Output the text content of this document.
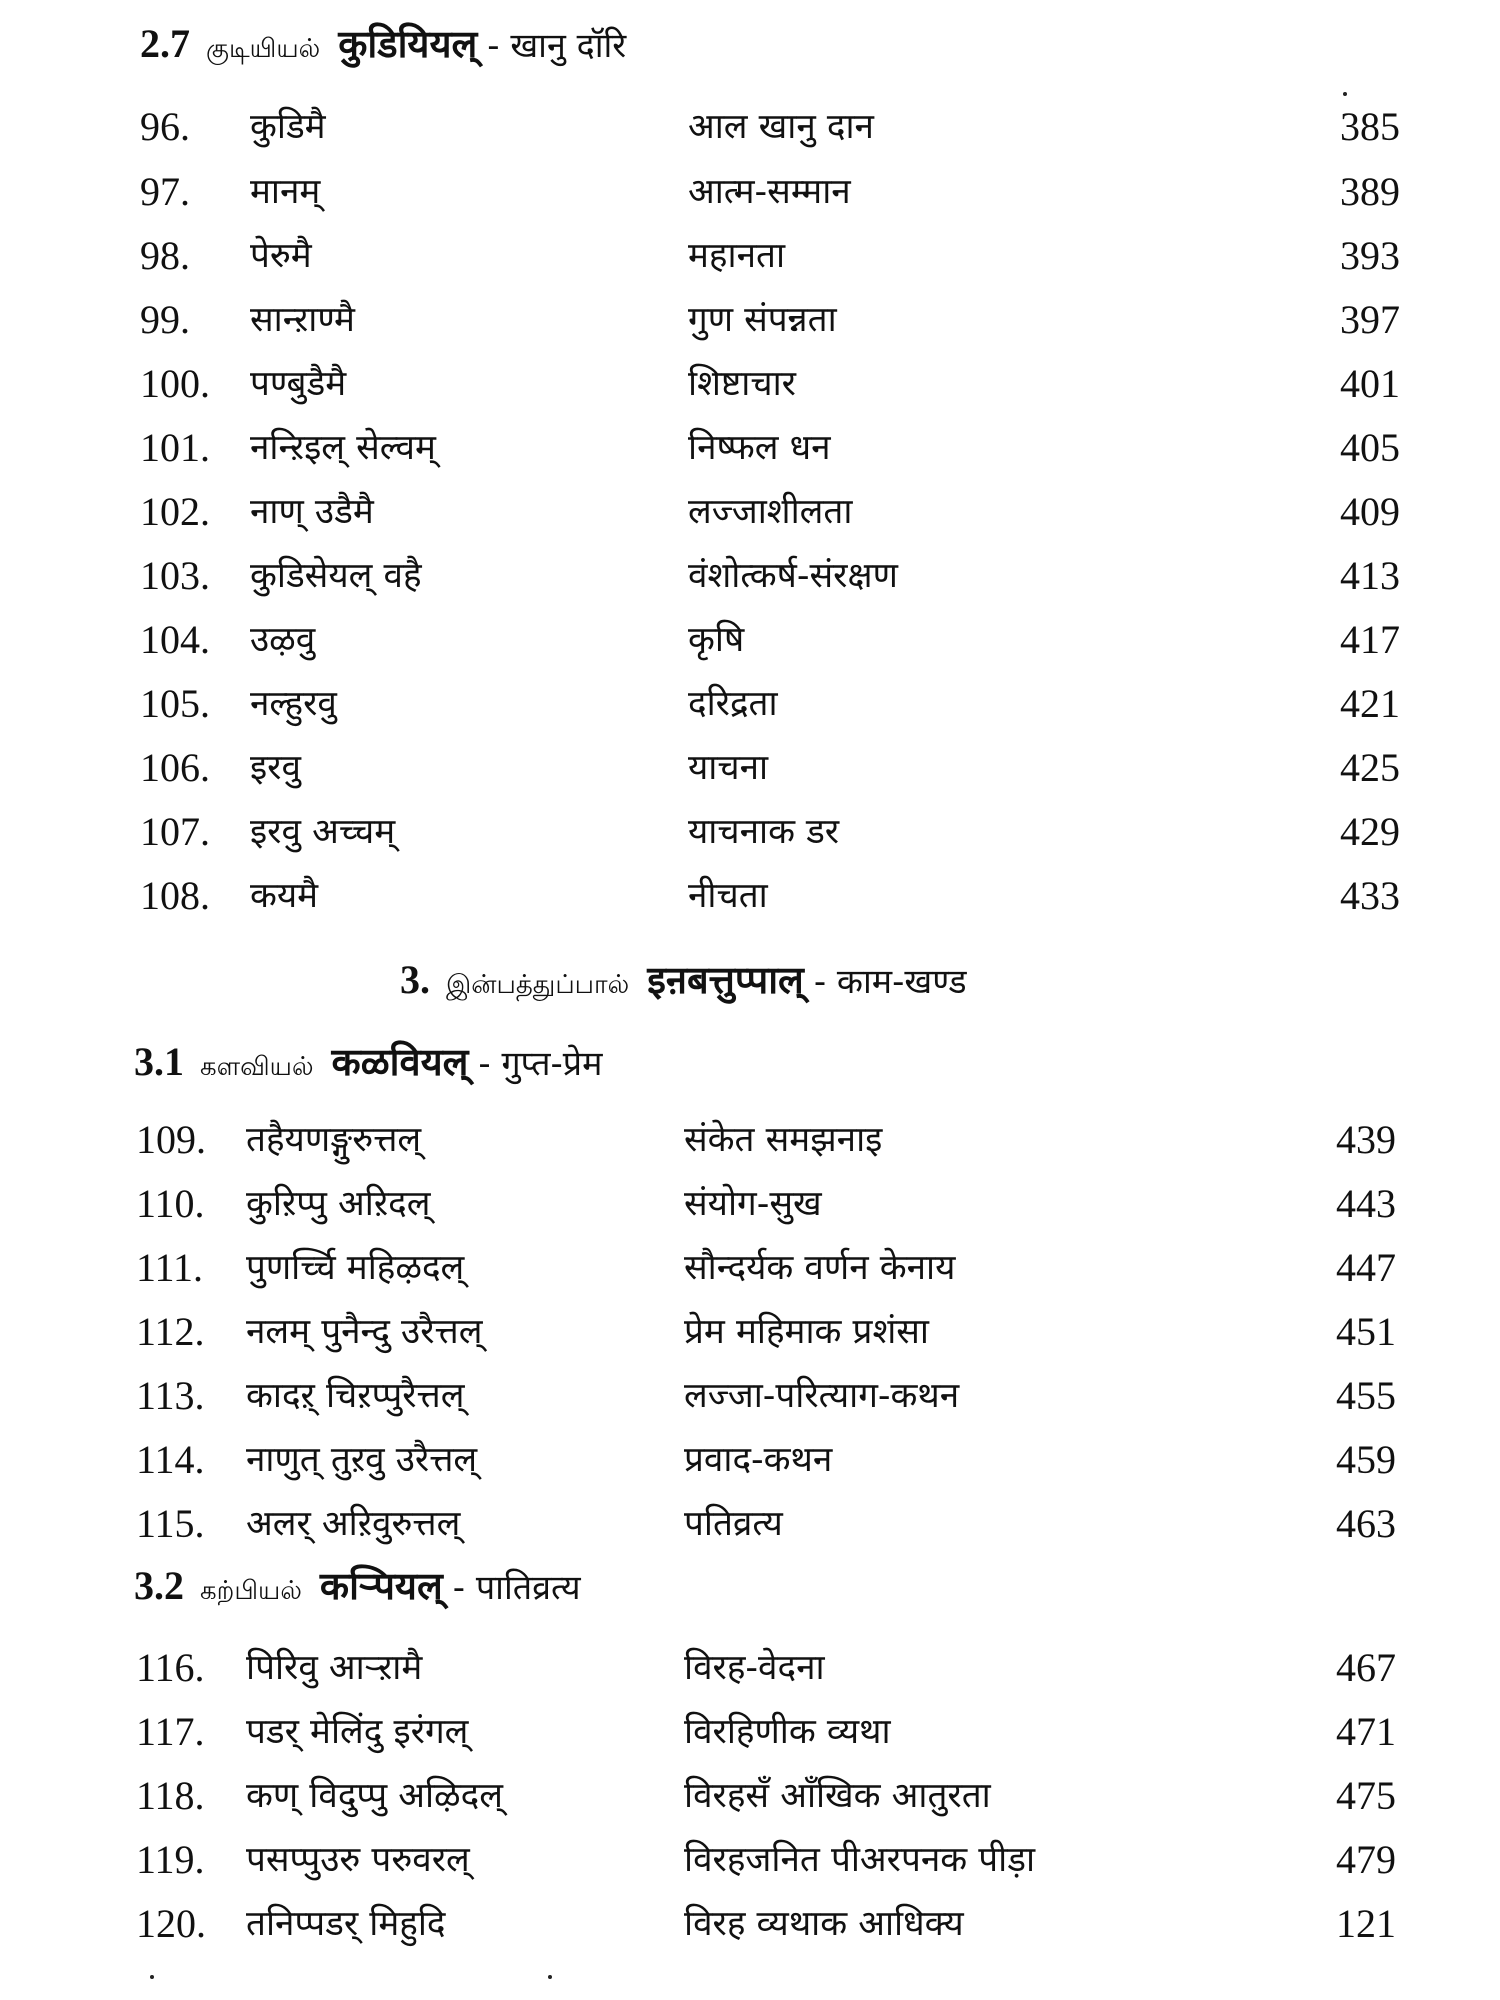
2.7 குடியியல் कुडियियल् - खानु दॉरि
96. कुडिमै	आल खानु दान	385
97. मानम्	आत्म-सम्मान	389
98. पेरुमै	महानता	393
99. सान्ऱाण्मै	गुण संपन्नता	397
100. पण्बुडैमै	शिष्टाचार	401
101. नन्ऱिइल् सेल्वम्	निष्फल धन	405
102. नाण् उडैमै	लज्जाशीलता	409
103. कुडिसेयल् वहै	वंशोत्कर्ष-संरक्षण	413
104. उऴवु	कृषि	417
105. नल्हुरवु	दरिद्रता	421
106. इरवु	याचना	425
107. इरवु अच्चम्	याचनाक डर	429
108. कयमै	नीचता	433
3. இன்பத்துப்பால் इऩबत्तुप्पाल् - काम-खण्ड
3.1 களவியல் कळवियल् - गुप्त-प्रेम
109. तहैयणङ्गुरुत्तल्	संकेत समझनाइ	439
110. कुऱिप्पु अऱिदल्	संयोग-सुख	443
111. पुणर्च्चि महिऴदल्	सौन्दर्यक वर्णन केनाय	447
112. नलम् पुनैन्दु उरैत्तल्	प्रेम महिमाक प्रशंसा	451
113. कादऱ् चिऱप्पुरैत्तल्	लज्जा-परित्याग-कथन	455
114. नाणुत् तुऱवु उरैत्तल्	प्रवाद-कथन	459
115. अलर् अऱिवुरुत्तल्	पतिव्रत्य	463
3.2 கற்பியல் कऱ्पियल् - पातिव्रत्य
116. पिरिवु आऱ्ऱामै	विरह-वेदना	467
117. पडर् मेलिंदु इरंगल्	विरहिणीक व्यथा	471
118. कण् विदुप्पु अऴिदल्	विरहसँ आँखिक आतुरता	475
119. पसप्पुउरु परुवरल्	विरहजनित पीअरपनक पीड़ा	479
120. तनिप्पडर् मिहुदि	विरह व्यथाक आधिक्य	121
